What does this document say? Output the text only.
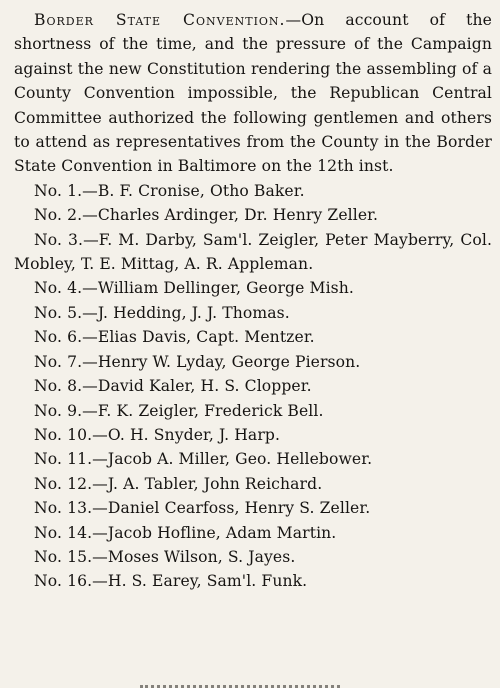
Border State Convention.—On account of the shortness of the time, and the pressure of the Campaign against the new Constitution rendering the assembling of a County Convention impossible, the Republican Central Committee authorized the following gentlemen and others to attend as representatives from the County in the Border State Convention in Baltimore on the 12th inst.

No. 1.—B. F. Cronise, Otho Baker.
No. 2.—Charles Ardinger, Dr. Henry Zeller.
No. 3.—F. M. Darby, Sam'l. Zeigler, Peter Mayberry, Col. Mobley, T. E. Mittag, A. R. Appleman.
No. 4.—William Dellinger, George Mish.
No. 5.—J. Hedding, J. J. Thomas.
No. 6.—Elias Davis, Capt. Mentzer.
No. 7.—Henry W. Lyday, George Pierson.
No. 8.—David Kaler, H. S. Clopper.
No. 9.—F. K. Zeigler, Frederick Bell.
No. 10.—O. H. Snyder, J. Harp.
No. 11.—Jacob A. Miller, Geo. Hellebower.
No. 12.—J. A. Tabler, John Reichard.
No. 13.—Daniel Cearfoss, Henry S. Zeller.
No. 14.—Jacob Hofline, Adam Martin.
No. 15.—Moses Wilson, S. Jayes.
No. 16.—H. S. Earey, Sam'l. Funk.
